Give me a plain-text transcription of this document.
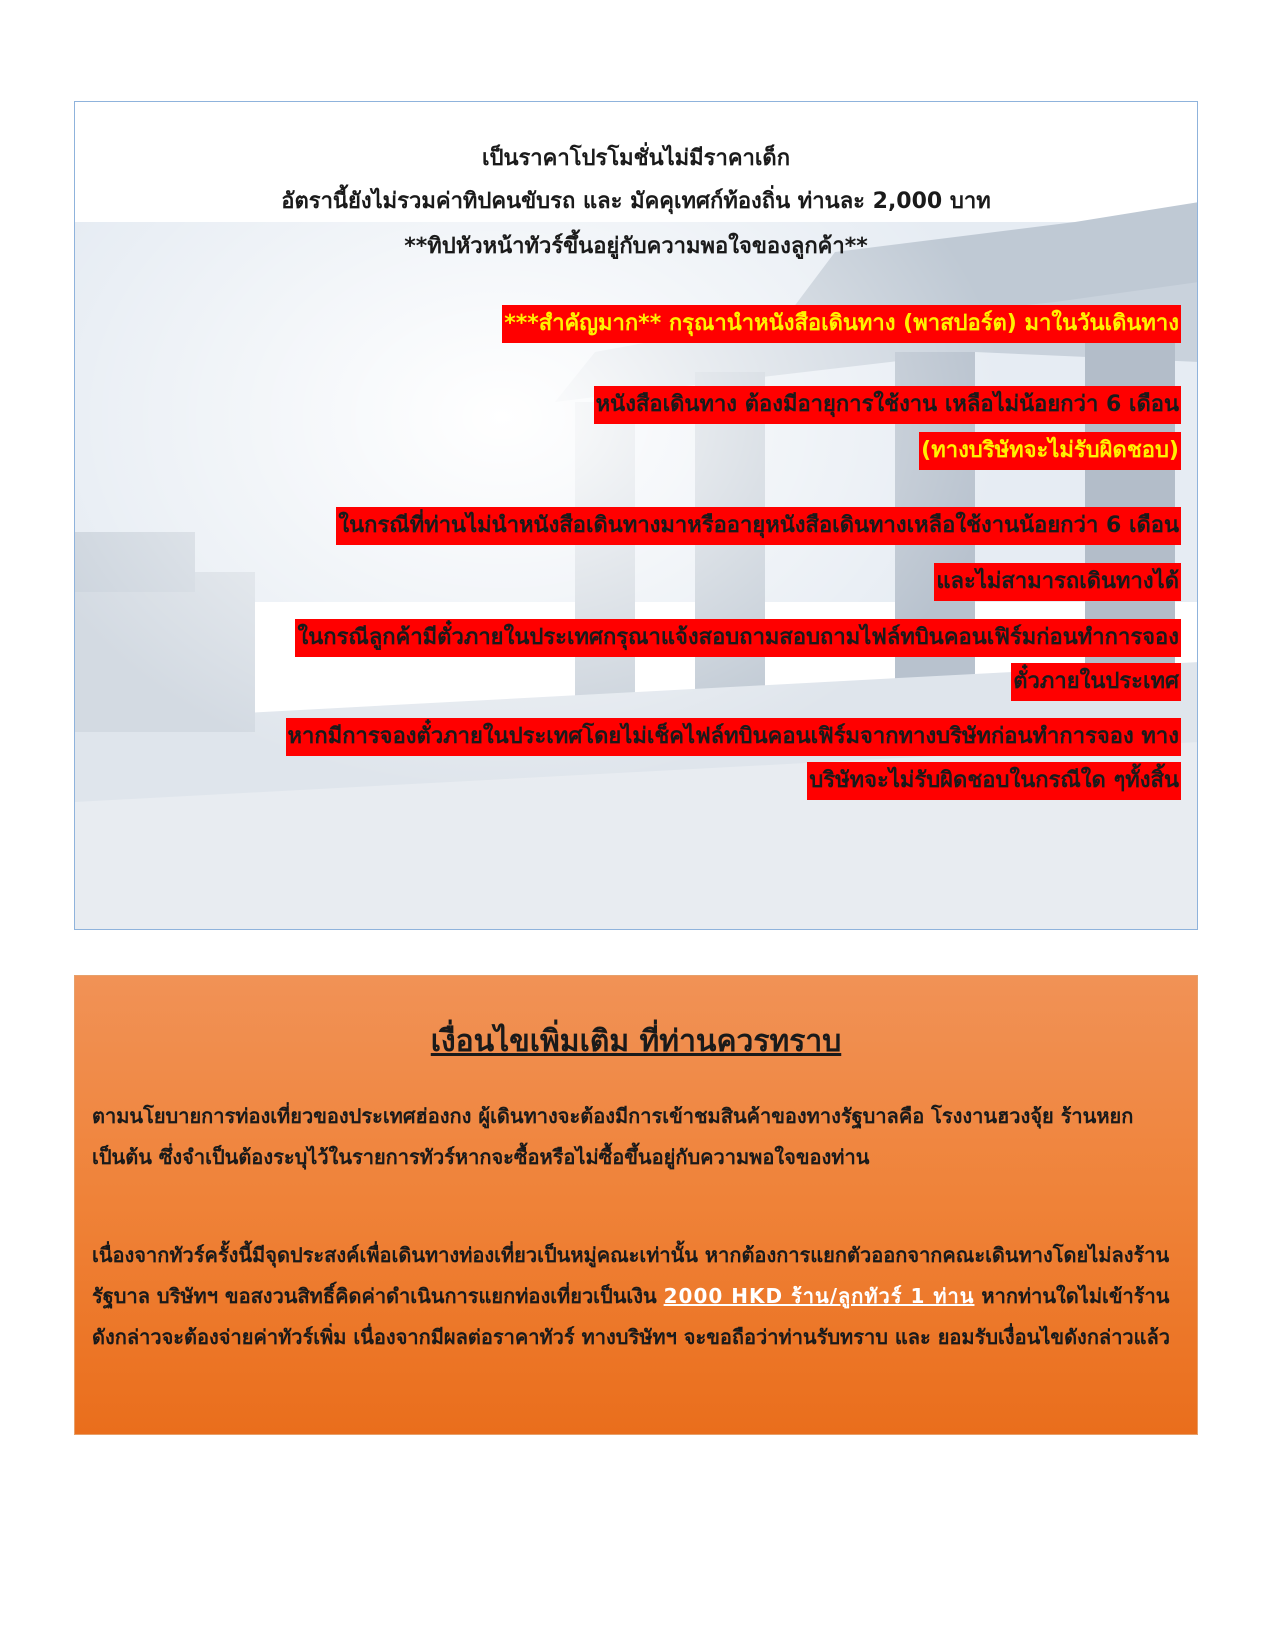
เป็นราคาโปรโมชั่นไม่มีราคาเด็ก
อัตรานี้ยังไม่รวมค่าทิปคนขับรถ และ มัคคุเทศก์ท้องถิ่น ท่านละ 2,000 บาท
**ทิปหัวหน้าทัวร์ขึ้นอยู่กับความพอใจของลูกค้า**
***สำคัญมาก** กรุณานำหนังสือเดินทาง (พาสปอร์ต) มาในวันเดินทาง
หนังสือเดินทาง ต้องมีอายุการใช้งาน เหลือไม่น้อยกว่า 6 เดือน
(ทางบริษัทจะไม่รับผิดชอบ)
ในกรณีที่ท่านไม่นำหนังสือเดินทางมาหรืออายุหนังสือเดินทางเหลือใช้งานน้อยกว่า 6 เดือน
และไม่สามารถเดินทางได้
ในกรณีลูกค้ามีตั๋วภายในประเทศกรุณาแจ้งสอบถามสอบถามไฟล์ทบินคอนเฟิร์มก่อนทำการจอง
ตั๋วภายในประเทศ
หากมีการจองตั๋วภายในประเทศโดยไม่เช็คไฟล์ทบินคอนเฟิร์มจากทางบริษัทก่อนทำการจอง ทาง
บริษัทจะไม่รับผิดชอบในกรณีใด ๆทั้งสิ้น
เงื่อนไขเพิ่มเติม ที่ท่านควรทราบ
ตามนโยบายการท่องเที่ยวของประเทศฮ่องกง ผู้เดินทางจะต้องมีการเข้าชมสินค้าของทางรัฐบาลคือ โรงงานฮวงจุ้ย ร้านหยก เป็นต้น ซึ่งจำเป็นต้องระบุไว้ในรายการทัวร์หากจะซื้อหรือไม่ซื้อขึ้นอยู่กับความพอใจของท่าน
เนื่องจากทัวร์ครั้งนี้มีจุดประสงค์เพื่อเดินทางท่องเที่ยวเป็นหมู่คณะเท่านั้น หากต้องการแยกตัวออกจากคณะเดินทางโดยไม่ลงร้านรัฐบาล บริษัทฯ ขอสงวนสิทธิ์คิดค่าดำเนินการแยกท่องเที่ยวเป็นเงิน 2000 HKD ร้าน/ลูกทัวร์ 1 ท่าน หากท่านใดไม่เข้าร้านดังกล่าวจะต้องจ่ายค่าทัวร์เพิ่ม เนื่องจากมีผลต่อราคาทัวร์ ทางบริษัทฯ จะขอถือว่าท่านรับทราบ และ ยอมรับเงื่อนไขดังกล่าวแล้ว
